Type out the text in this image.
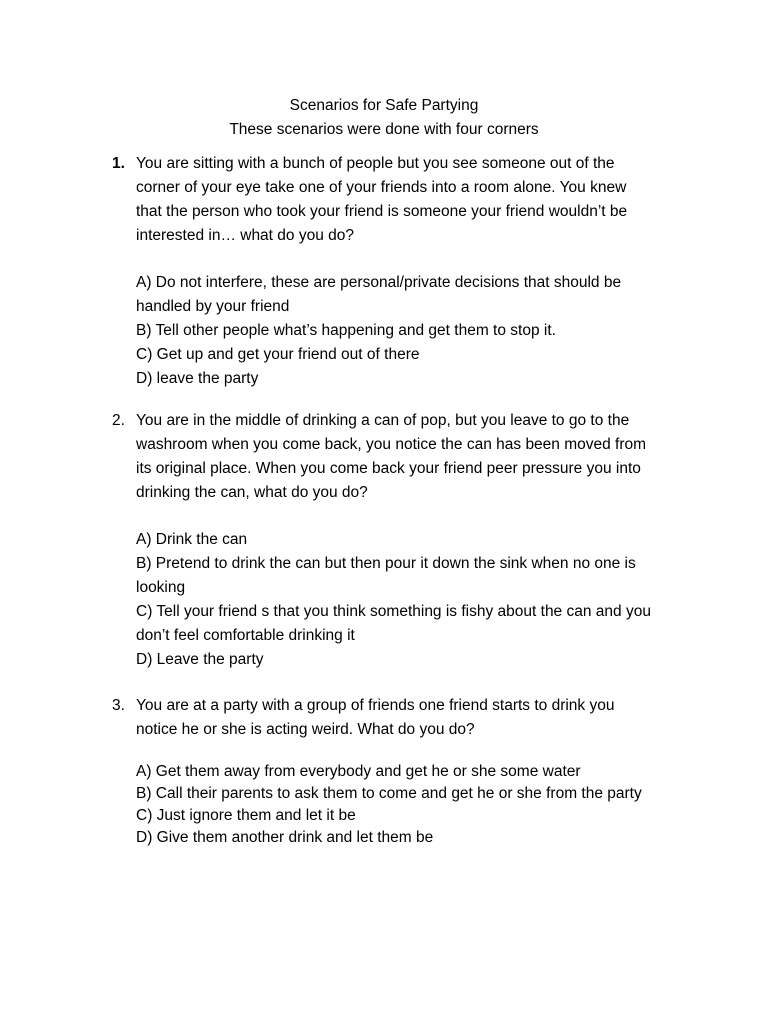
Scenarios for Safe Partying
These scenarios were done with four corners
1. You are sitting with a bunch of people but you see someone out of the
corner of your eye take one of your friends into a room alone. You knew
that the person who took your friend is someone your friend wouldn’t be
interested in… what do you do?
A) Do not interfere, these are personal/private decisions that should be
handled by your friend
B) Tell other people what’s happening and get them to stop it.
C) Get up and get your friend out of there
D) leave the party
2. You are in the middle of drinking a can of pop, but you leave to go to the
washroom when you come back, you notice the can has been moved from
its original place. When you come back your friend peer pressure you into
drinking the can, what do you do?
A) Drink the can
B) Pretend to drink the can but then pour it down the sink when no one is
looking
C) Tell your friend s that you think something is fishy about the can and you
don’t feel comfortable drinking it
D) Leave the party
3. You are at a party with a group of friends one friend starts to drink you
notice he or she is acting weird. What do you do?
A) Get them away from everybody and get he or she some water
B) Call their parents to ask them to come and get he or she from the party
C) Just ignore them and let it be
D) Give them another drink and let them be
